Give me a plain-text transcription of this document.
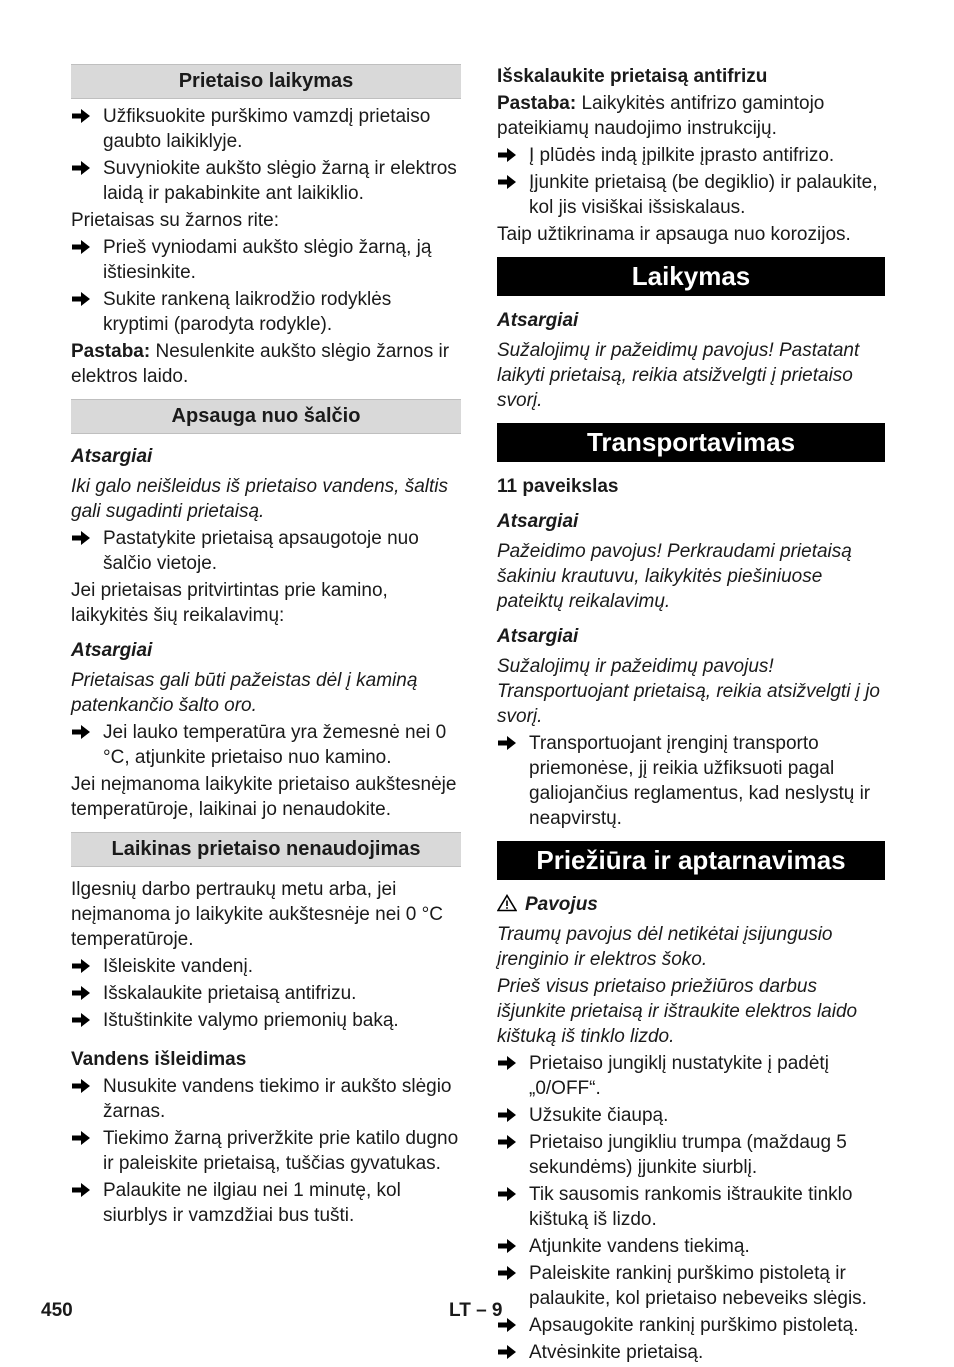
Prietaiso laikymas
Užfiksuokite purškimo vamzdį prietaiso gaubto laikiklyje.
Suvyniokite aukšto slėgio žarną ir elektros laidą ir pakabinkite ant laikiklio.

Prietaisas su žarnos rite:

Prieš vyniodami aukšto slėgio žarną, ją ištiesinkite.
Sukite rankeną laikrodžio rodyklės kryptimi (parodyta rodykle).

Pastaba: Nesulenkite aukšto slėgio žarnos ir elektros laido.

Apsauga nuo šalčio

Atsargiai

Iki galo neišleidus iš prietaiso vandens, šaltis gali sugadinti prietaisą.

Pastatykite prietaisą apsaugotoje nuo šalčio vietoje.

Jei prietaisas pritvirtintas prie kamino, laikykitės šių reikalavimų:

Atsargiai

Prietaisas gali būti pažeistas dėl į kaminą patenkančio šalto oro.

Jei lauko temperatūra yra žemesnė nei 0 °C, atjunkite prietaiso nuo kamino.

Jei neįmanoma laikykite prietaiso aukštesnėje temperatūroje, laikinai jo nenaudokite.

Laikinas prietaiso nenaudojimas

Ilgesnių darbo pertraukų metu arba, jei neįmanoma jo laikykite aukštesnėje nei 0 °C temperatūroje.

Išleiskite vandenį.
Išskalaukite prietaisą antifrizu.
Ištuštinkite valymo priemonių baką.

Vandens išleidimas

Nusukite vandens tiekimo ir aukšto slėgio žarnas.
Tiekimo žarną priveržkite prie katilo dugno ir paleiskite prietaisą, tuščias gyvatukas.
Palaukite ne ilgiau nei 1 minutę, kol siurblys ir vamzdžiai bus tušti.

Išskalaukite prietaisą antifrizu

Pastaba: Laikykitės antifrizo gamintojo pateikiamų naudojimo instrukcijų.

Į plūdės indą įpilkite įprasto antifrizo.
Įjunkite prietaisą (be degiklio) ir palaukite, kol jis visiškai išsiskalaus.

Taip užtikrinama ir apsauga nuo korozijos.

Laikymas

Atsargiai

Sužalojimų ir pažeidimų pavojus! Pastatant laikyti prietaisą, reikia atsižvelgti į prietaiso svorį.

Transportavimas

11 paveikslas

Atsargiai

Pažeidimo pavojus! Perkraudami prietaisą šakiniu krautuvu, laikykitės piešiniuose pateiktų reikalavimų.

Atsargiai

Sužalojimų ir pažeidimų pavojus! Transportuojant prietaisą, reikia atsižvelgti į jo svorį.

Transportuojant įrenginį transporto priemonėse, jį reikia užfiksuoti pagal galiojančius reglamentus, kad neslystų ir neapvirstų.
Priežiūra ir aptarnavimas

Pavojus

Traumų pavojus dėl netikėtai įsijungusio įrenginio ir elektros šoko.

Prieš visus prietaiso priežiūros darbus išjunkite prietaisą ir ištraukite elektros laido kištuką iš tinklo lizdo.

Prietaiso jungiklį nustatykite į padėtį „0/OFF“.
Užsukite čiaupą.
Prietaiso jungikliu trumpa (maždaug 5 sekundėms) įjunkite siurblį.
Tik sausomis rankomis ištraukite tinklo kištuką iš lizdo.
Atjunkite vandens tiekimą.
Paleiskite rankinį purškimo pistoletą ir palaukite, kol prietaiso nebeveiks slėgis.
Apsaugokite rankinį purškimo pistoletą.
Atvėsinkite prietaisą.
450	LT – 9
